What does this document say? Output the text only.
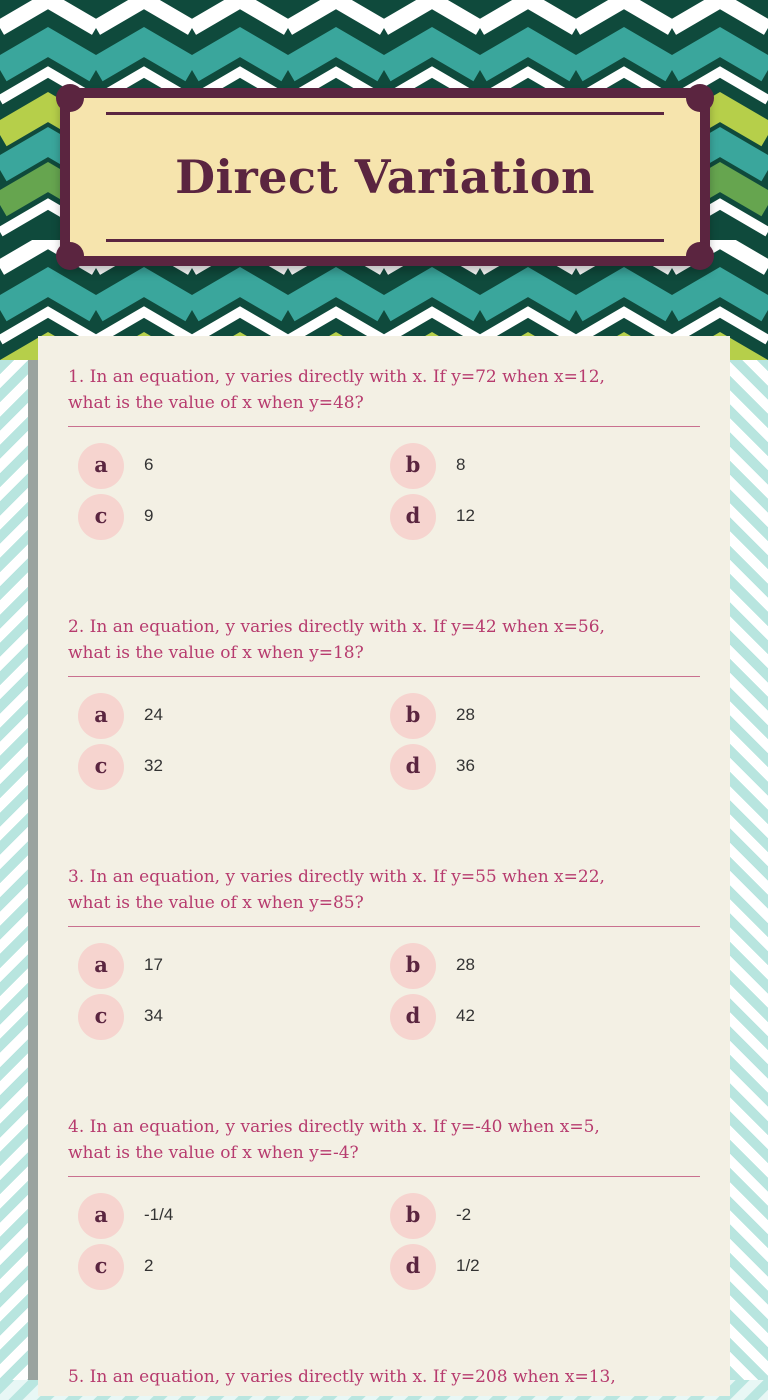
Direct Variation

1. In an equation, y varies directly with x. If y=72 when x=12,
what is the value of x when y=48?

a	6	b	8
c	9	d	12

2. In an equation, y varies directly with x. If y=42 when x=56,
what is the value of x when y=18?

a	24	b	28
c	32	d	36

3. In an equation, y varies directly with x. If y=55 when x=22,
what is the value of x when y=85?

a	17	b	28
c	34	d	42

4. In an equation, y varies directly with x. If y=-40 when x=5,
what is the value of x when y=-4?

a	-1/4	b	-2
c	2	d	1/2

5. In an equation, y varies directly with x. If y=208 when x=13,
